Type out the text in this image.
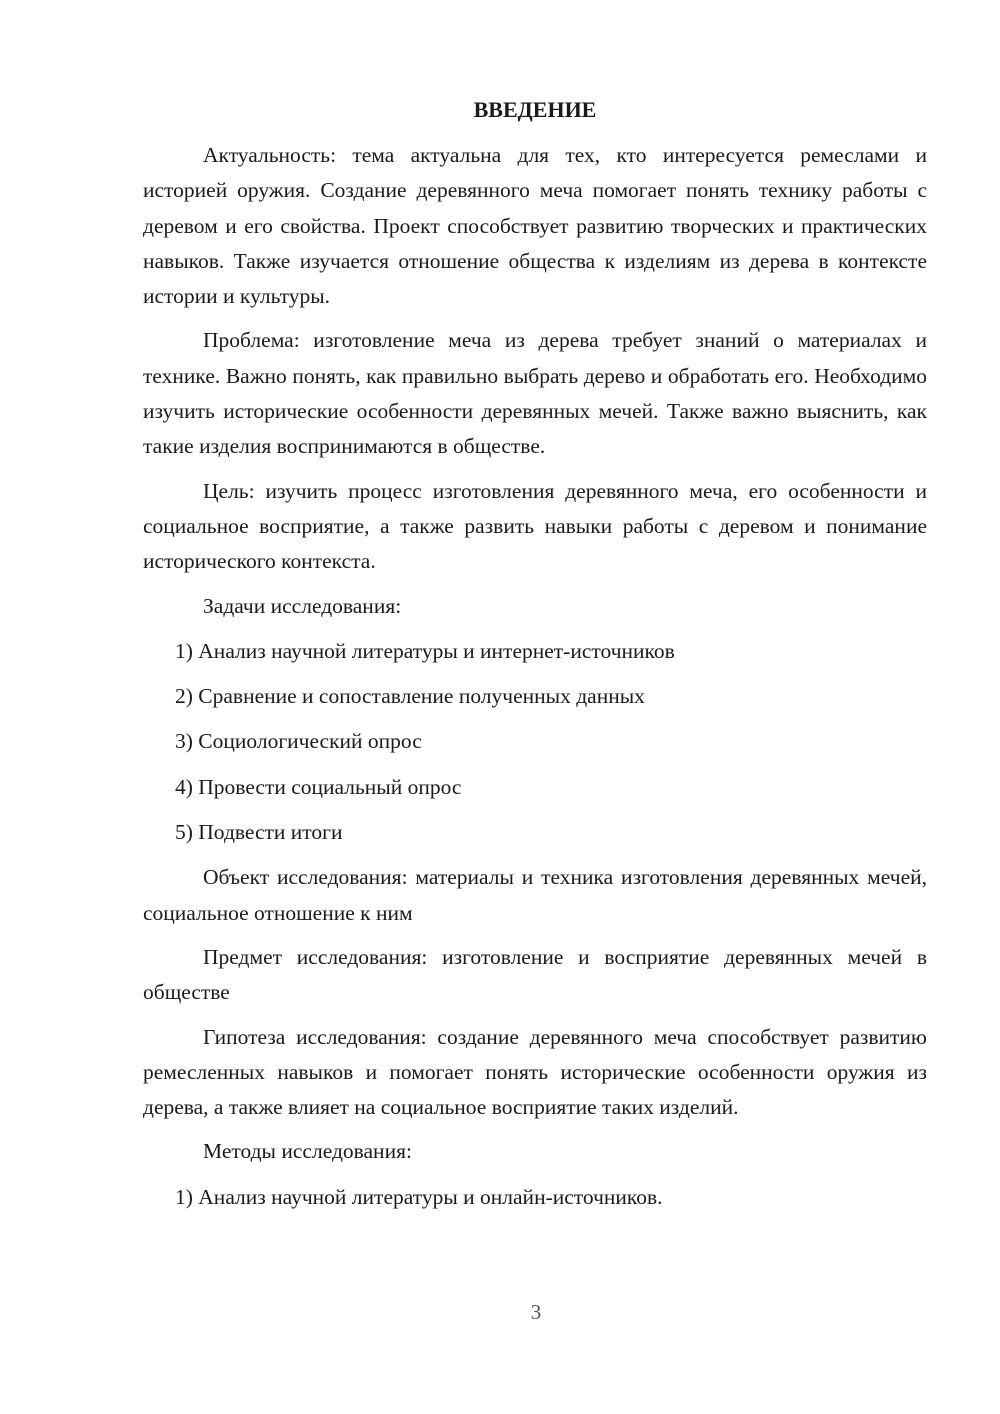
ВВЕДЕНИЕ

Актуальность: тема актуальна для тех, кто интересуется ремеслами и историей оружия. Создание деревянного меча помогает понять технику работы с деревом и его свойства. Проект способствует развитию творческих и практических навыков. Также изучается отношение общества к изделиям из дерева в контексте истории и культуры.

Проблема: изготовление меча из дерева требует знаний о материалах и технике. Важно понять, как правильно выбрать дерево и обработать его. Необходимо изучить исторические особенности деревянных мечей. Также важно выяснить, как такие изделия воспринимаются в обществе.

Цель: изучить процесс изготовления деревянного меча, его особенности и социальное восприятие, а также развить навыки работы с деревом и понимание исторического контекста.

Задачи исследования:

1) Анализ научной литературы и интернет-источников
2) Сравнение и сопоставление полученных данных
3) Социологический опрос
4) Провести социальный опрос
5) Подвести итоги

Объект исследования: материалы и техника изготовления деревянных мечей, социальное отношение к ним

Предмет исследования: изготовление и восприятие деревянных мечей в обществе

Гипотеза исследования: создание деревянного меча способствует развитию ремесленных навыков и помогает понять исторические особенности оружия из дерева, а также влияет на социальное восприятие таких изделий.

Методы исследования:

1) Анализ научной литературы и онлайн-источников.
3
